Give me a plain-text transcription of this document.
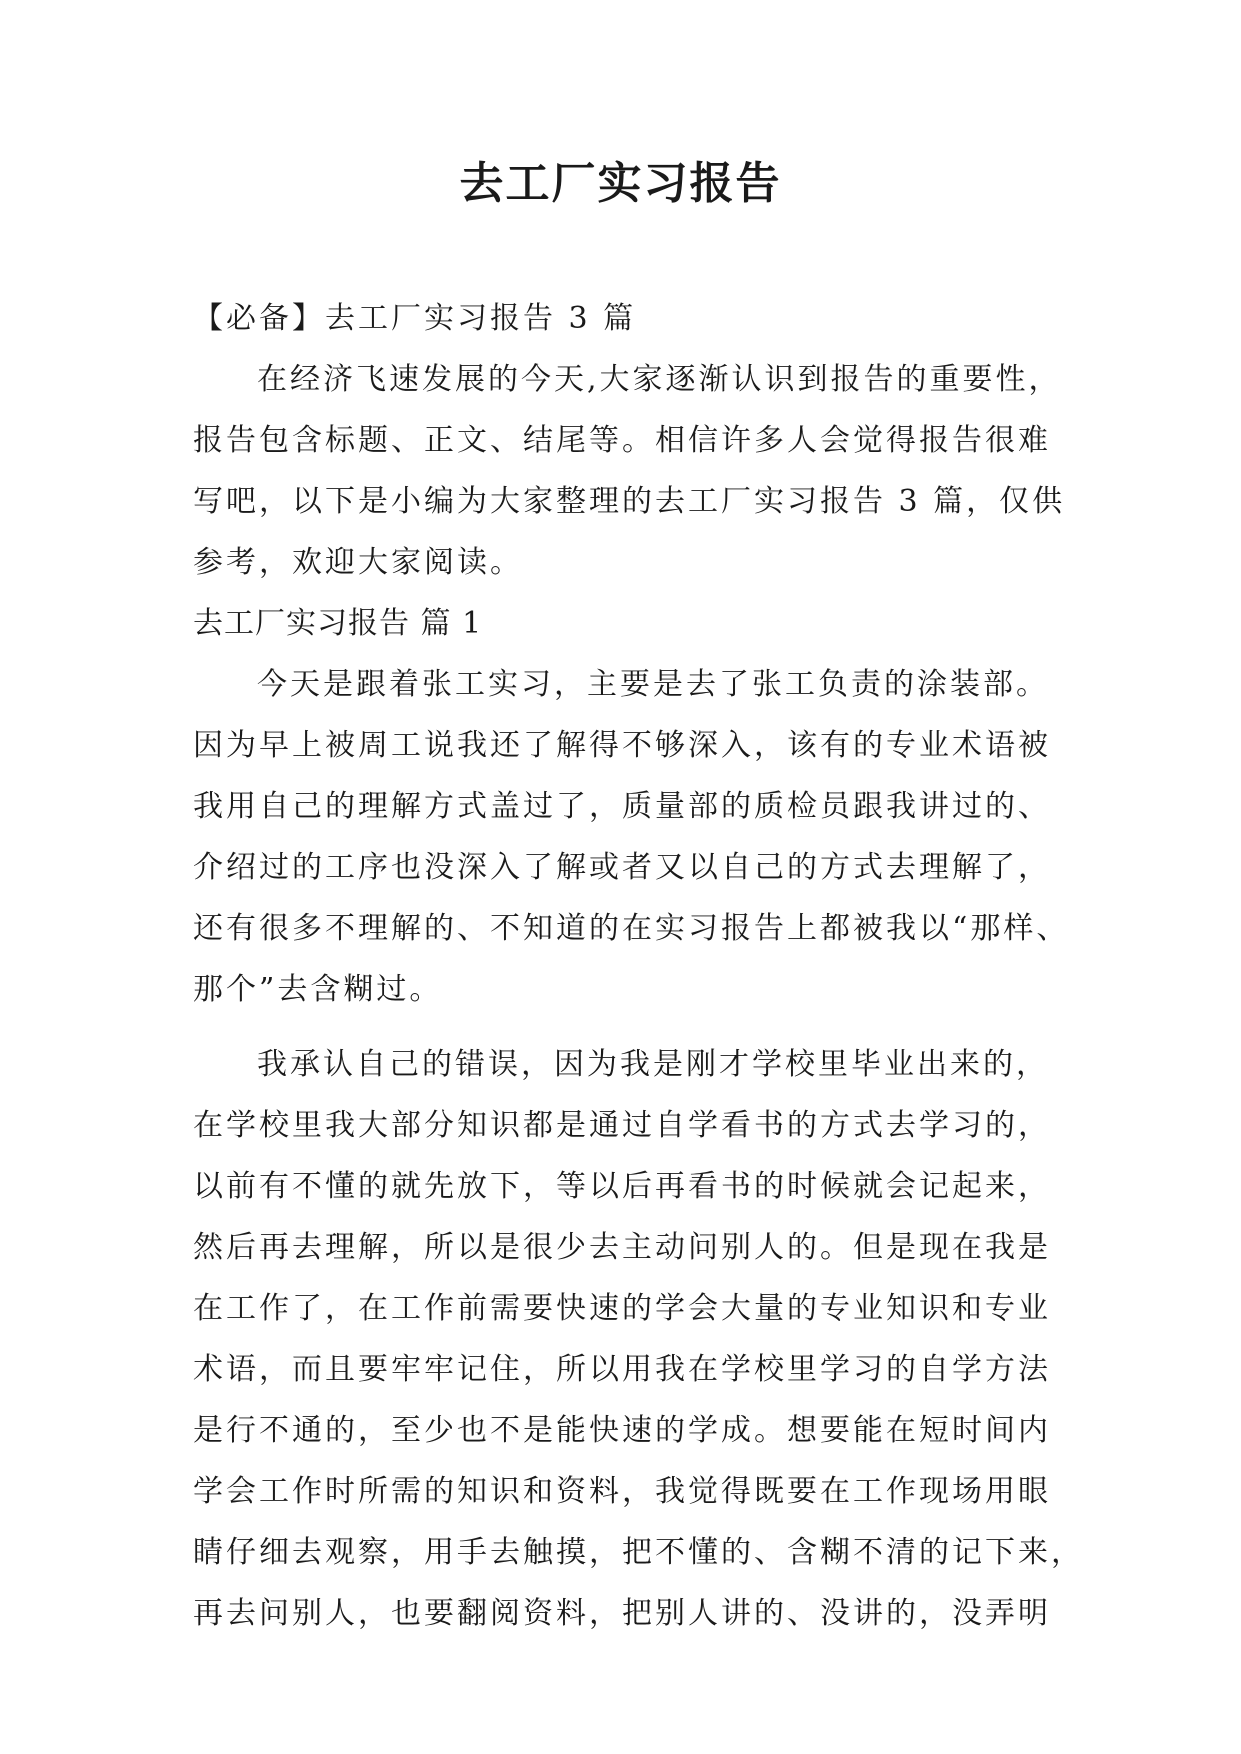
去工厂实习报告

【必备】去工厂实习报告 3 篇

在经济飞速发展的今天,大家逐渐认识到报告的重要性，

报告包含标题、正文、结尾等。相信许多人会觉得报告很难

写吧，以下是小编为大家整理的去工厂实习报告 3 篇，仅供

参考，欢迎大家阅读。

去工厂实习报告 篇 1

今天是跟着张工实习，主要是去了张工负责的涂装部。

因为早上被周工说我还了解得不够深入，该有的专业术语被

我用自己的理解方式盖过了，质量部的质检员跟我讲过的、

介绍过的工序也没深入了解或者又以自己的方式去理解了，

还有很多不理解的、不知道的在实习报告上都被我以“那样、

那个”去含糊过。

我承认自己的错误，因为我是刚才学校里毕业出来的，

在学校里我大部分知识都是通过自学看书的方式去学习的，

以前有不懂的就先放下，等以后再看书的时候就会记起来，

然后再去理解，所以是很少去主动问别人的。但是现在我是

在工作了，在工作前需要快速的学会大量的专业知识和专业

术语，而且要牢牢记住，所以用我在学校里学习的自学方法

是行不通的，至少也不是能快速的学成。想要能在短时间内

学会工作时所需的知识和资料，我觉得既要在工作现场用眼

睛仔细去观察，用手去触摸，把不懂的、含糊不清的记下来，

再去问别人，也要翻阅资料，把别人讲的、没讲的，没弄明
